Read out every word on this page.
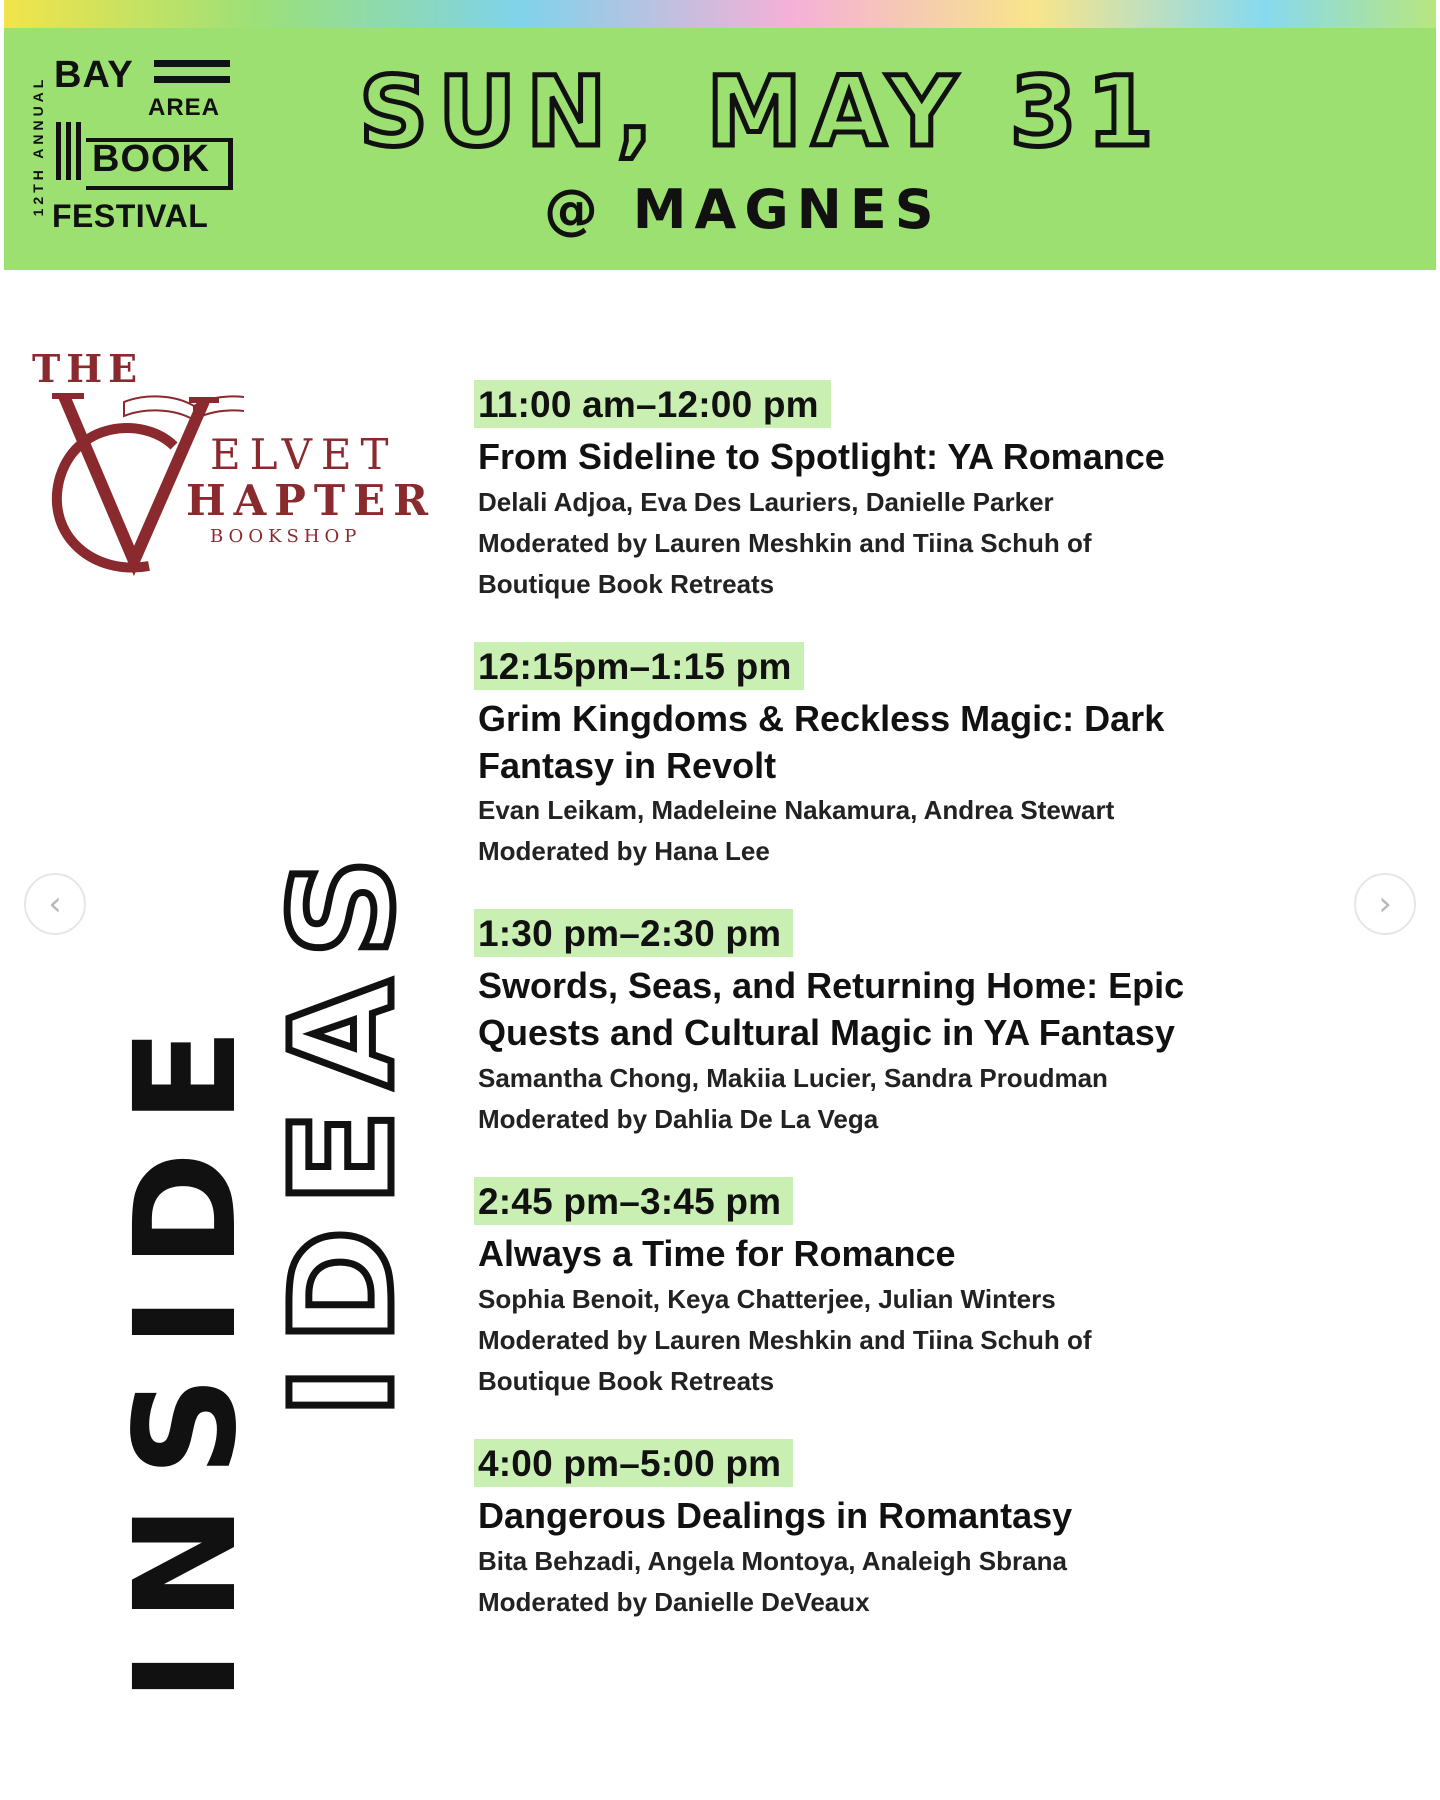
12TH ANNUAL
BAY
AREA
BOOK
FESTIVAL
SUN, MAY 31
@ MAGNES
THE
ELVET
HAPTER
BOOKSHOP
INSIDE
IDEAS
11:00 am–12:00 pm
From Sideline to Spotlight: YA Romance
Delali Adjoa, Eva Des Lauriers, Danielle Parker
Moderated by Lauren Meshkin and Tiina Schuh of
Boutique Book Retreats
12:15pm–1:15 pm
Grim Kingdoms & Reckless Magic: Dark Fantasy in Revolt
Evan Leikam, Madeleine Nakamura, Andrea Stewart
Moderated by Hana Lee
1:30 pm–2:30 pm
Swords, Seas, and Returning Home: Epic Quests and Cultural Magic in YA Fantasy
Samantha Chong, Makiia Lucier, Sandra Proudman
Moderated by Dahlia De La Vega
2:45 pm–3:45 pm
Always a Time for Romance
Sophia Benoit, Keya Chatterjee, Julian Winters
Moderated by Lauren Meshkin and Tiina Schuh of
Boutique Book Retreats
4:00 pm–5:00 pm
Dangerous Dealings in Romantasy
Bita Behzadi, Angela Montoya, Analeigh Sbrana
Moderated by Danielle DeVeaux
‹	›
